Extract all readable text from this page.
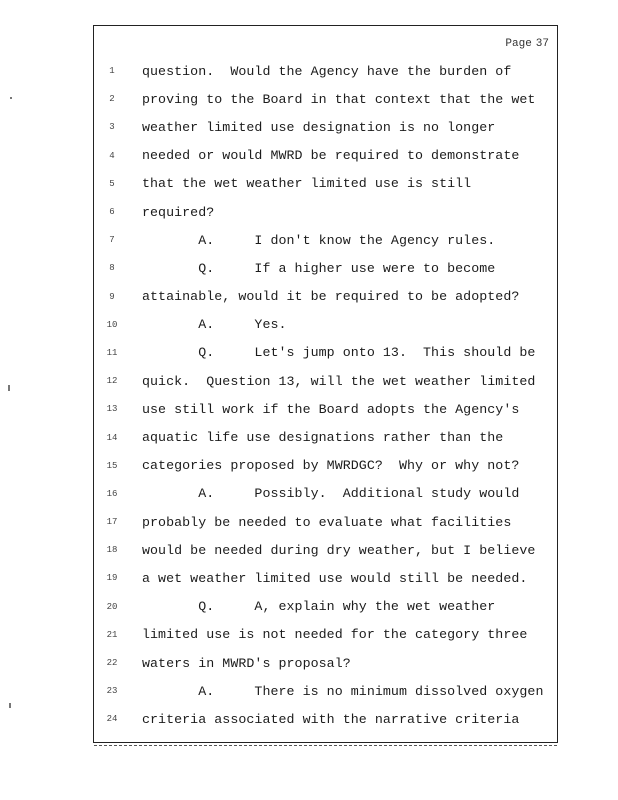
Page 37
1	question.  Would the Agency have the burden of
2	proving to the Board in that context that the wet
3	weather limited use designation is no longer
4	needed or would MWRD be required to demonstrate
5	that the wet weather limited use is still
6	required?
7	A.     I don't know the Agency rules.
8	Q.     If a higher use were to become
9	attainable, would it be required to be adopted?
10	A.     Yes.
11	Q.     Let's jump onto 13.  This should be
12	quick.  Question 13, will the wet weather limited
13	use still work if the Board adopts the Agency's
14	aquatic life use designations rather than the
15	categories proposed by MWRDGC?  Why or why not?
16	A.     Possibly.  Additional study would
17	probably be needed to evaluate what facilities
18	would be needed during dry weather, but I believe
19	a wet weather limited use would still be needed.
20	Q.     A, explain why the wet weather
21	limited use is not needed for the category three
22	waters in MWRD's proposal?
23	A.     There is no minimum dissolved oxygen
24	criteria associated with the narrative criteria
